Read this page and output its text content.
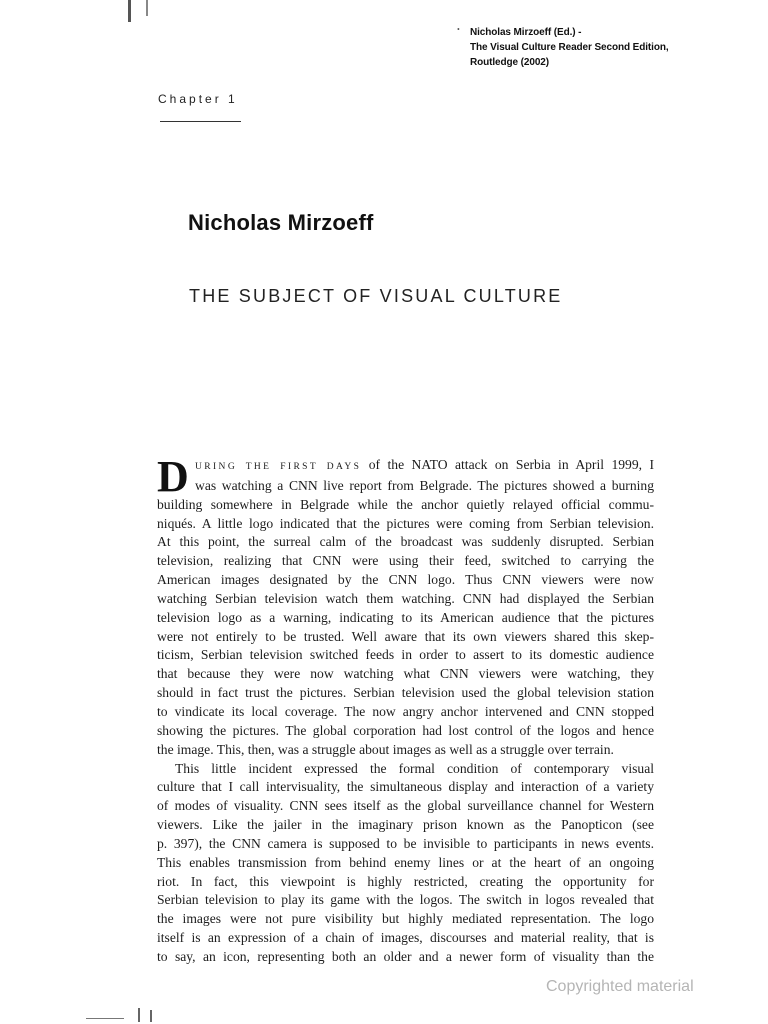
• Nicholas Mirzoeff (Ed.) -
The Visual Culture Reader Second Edition,
Routledge (2002)
Chapter 1
Nicholas Mirzoeff
THE SUBJECT OF VISUAL CULTURE
D URING THE FIRST DAYS of the NATO attack on Serbia in April 1999, I
was watching a CNN live report from Belgrade. The pictures showed a burning
building somewhere in Belgrade while the anchor quietly relayed official commu-
niqués. A little logo indicated that the pictures were coming from Serbian television.
At this point, the surreal calm of the broadcast was suddenly disrupted. Serbian
television, realizing that CNN were using their feed, switched to carrying the
American images designated by the CNN logo. Thus CNN viewers were now
watching Serbian television watch them watching. CNN had displayed the Serbian
television logo as a warning, indicating to its American audience that the pictures
were not entirely to be trusted. Well aware that its own viewers shared this skep-
ticism, Serbian television switched feeds in order to assert to its domestic audience
that because they were now watching what CNN viewers were watching, they
should in fact trust the pictures. Serbian television used the global television station
to vindicate its local coverage. The now angry anchor intervened and CNN stopped
showing the pictures. The global corporation had lost control of the logos and hence
the image. This, then, was a struggle about images as well as a struggle over terrain.
This little incident expressed the formal condition of contemporary visual
culture that I call intervisuality, the simultaneous display and interaction of a variety
of modes of visuality. CNN sees itself as the global surveillance channel for Western
viewers. Like the jailer in the imaginary prison known as the Panopticon (see
p. 397), the CNN camera is supposed to be invisible to participants in news events.
This enables transmission from behind enemy lines or at the heart of an ongoing
riot. In fact, this viewpoint is highly restricted, creating the opportunity for
Serbian television to play its game with the logos. The switch in logos revealed that
the images were not pure visibility but highly mediated representation. The logo
itself is an expression of a chain of images, discourses and material reality, that is
to say, an icon, representing both an older and a newer form of visuality than the
Copyrighted material
